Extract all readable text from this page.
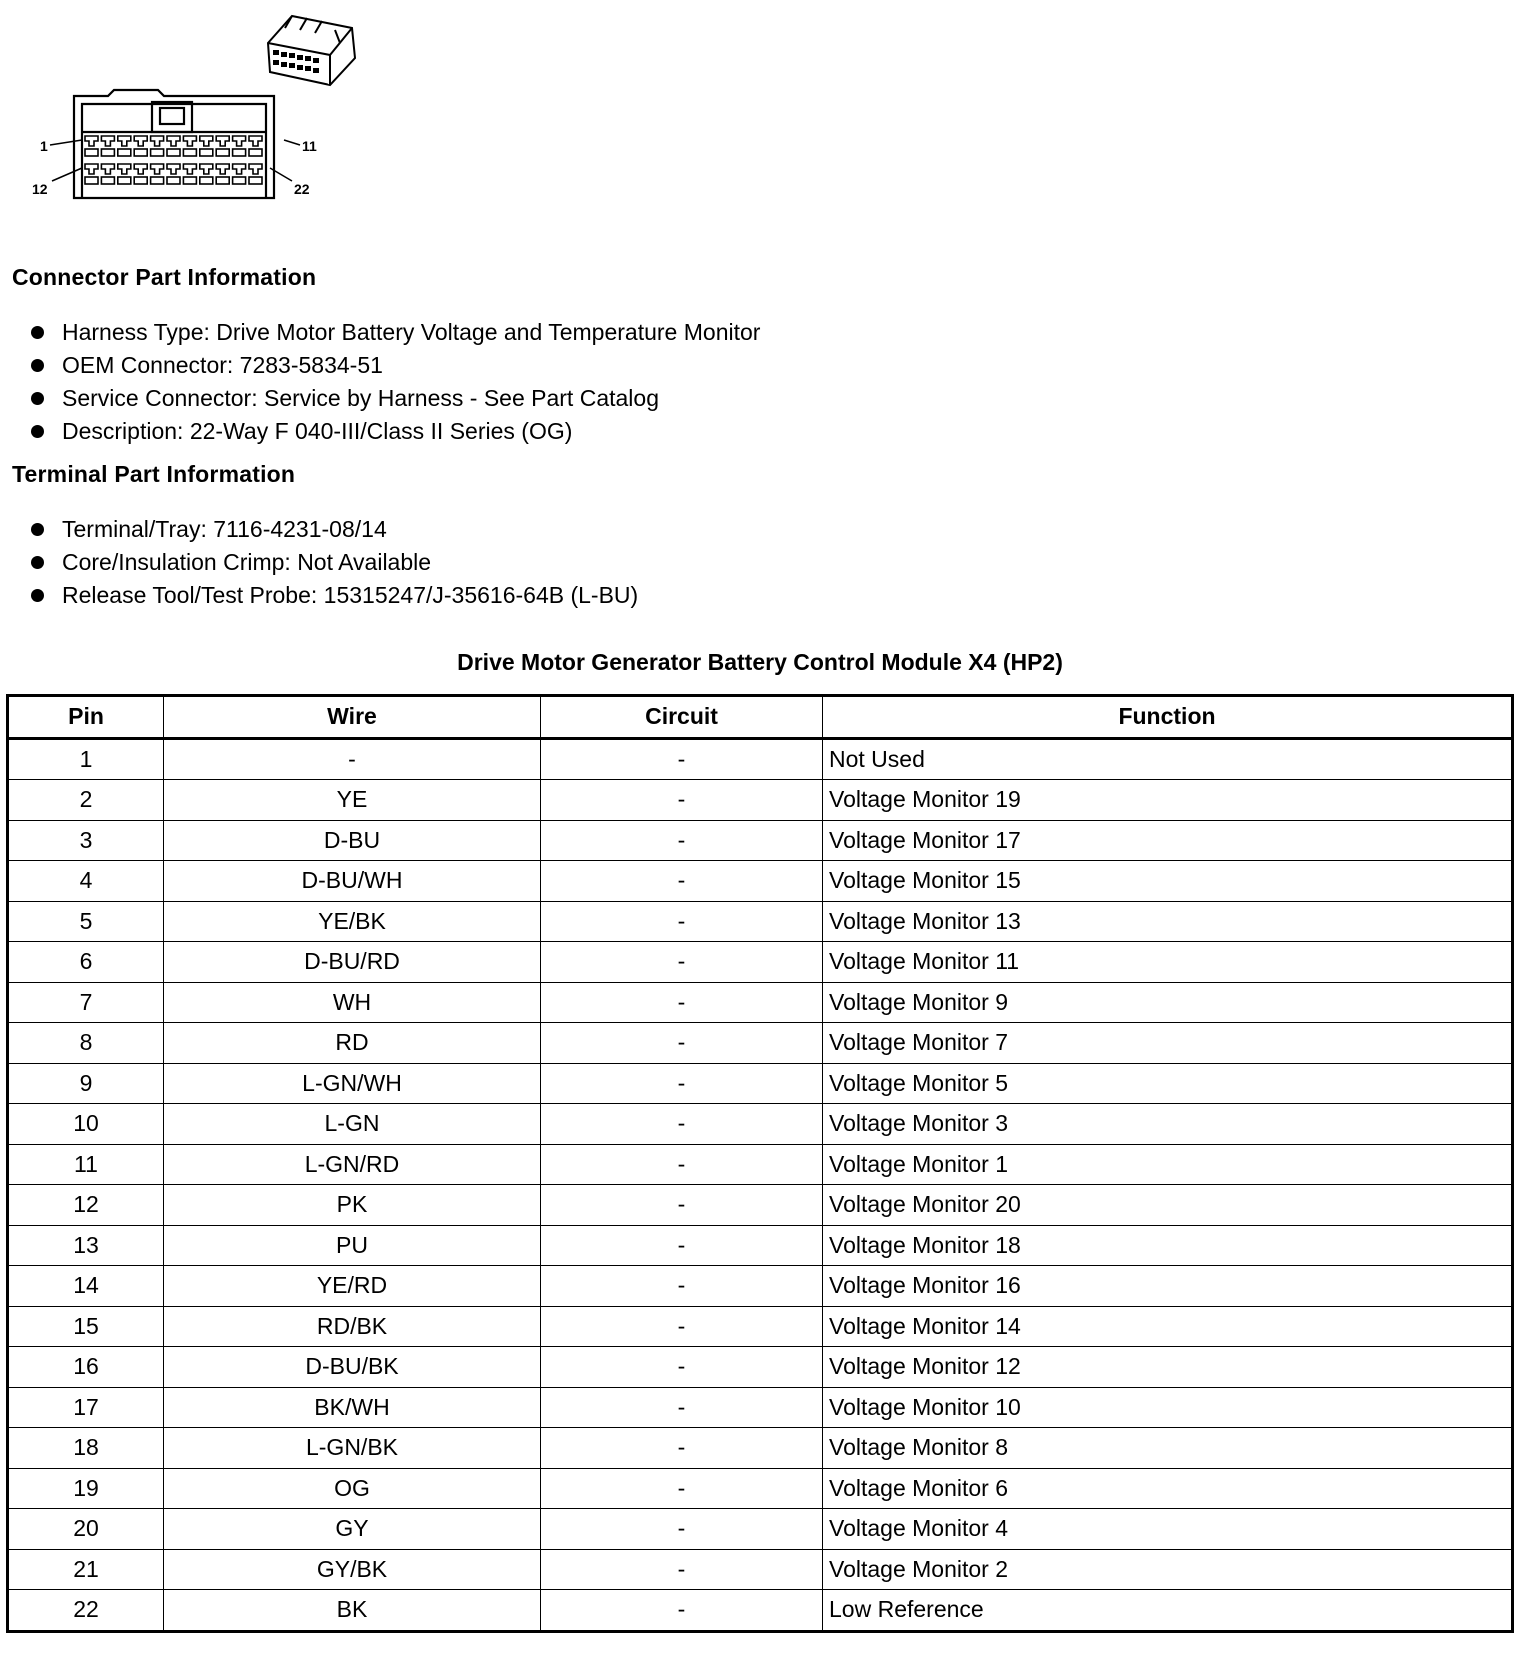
1	11
12	22
Connector Part Information
Harness Type: Drive Motor Battery Voltage and Temperature Monitor
OEM Connector: 7283-5834-51
Service Connector: Service by Harness - See Part Catalog
Description: 22-Way F 040-III/Class II Series (OG)
Terminal Part Information
Terminal/Tray: 7116-4231-08/14
Core/Insulation Crimp: Not Available
Release Tool/Test Probe: 15315247/J-35616-64B (L-BU)
Drive Motor Generator Battery Control Module X4 (HP2)
Pin	Wire	Circuit	Function
1	-	-	Not Used
2	YE	-	Voltage Monitor 19
3	D-BU	-	Voltage Monitor 17
4	D-BU/WH	-	Voltage Monitor 15
5	YE/BK	-	Voltage Monitor 13
6	D-BU/RD	-	Voltage Monitor 11
7	WH	-	Voltage Monitor 9
8	RD	-	Voltage Monitor 7
9	L-GN/WH	-	Voltage Monitor 5
10	L-GN	-	Voltage Monitor 3
11	L-GN/RD	-	Voltage Monitor 1
12	PK	-	Voltage Monitor 20
13	PU	-	Voltage Monitor 18
14	YE/RD	-	Voltage Monitor 16
15	RD/BK	-	Voltage Monitor 14
16	D-BU/BK	-	Voltage Monitor 12
17	BK/WH	-	Voltage Monitor 10
18	L-GN/BK	-	Voltage Monitor 8
19	OG	-	Voltage Monitor 6
20	GY	-	Voltage Monitor 4
21	GY/BK	-	Voltage Monitor 2
22	BK	-	Low Reference
